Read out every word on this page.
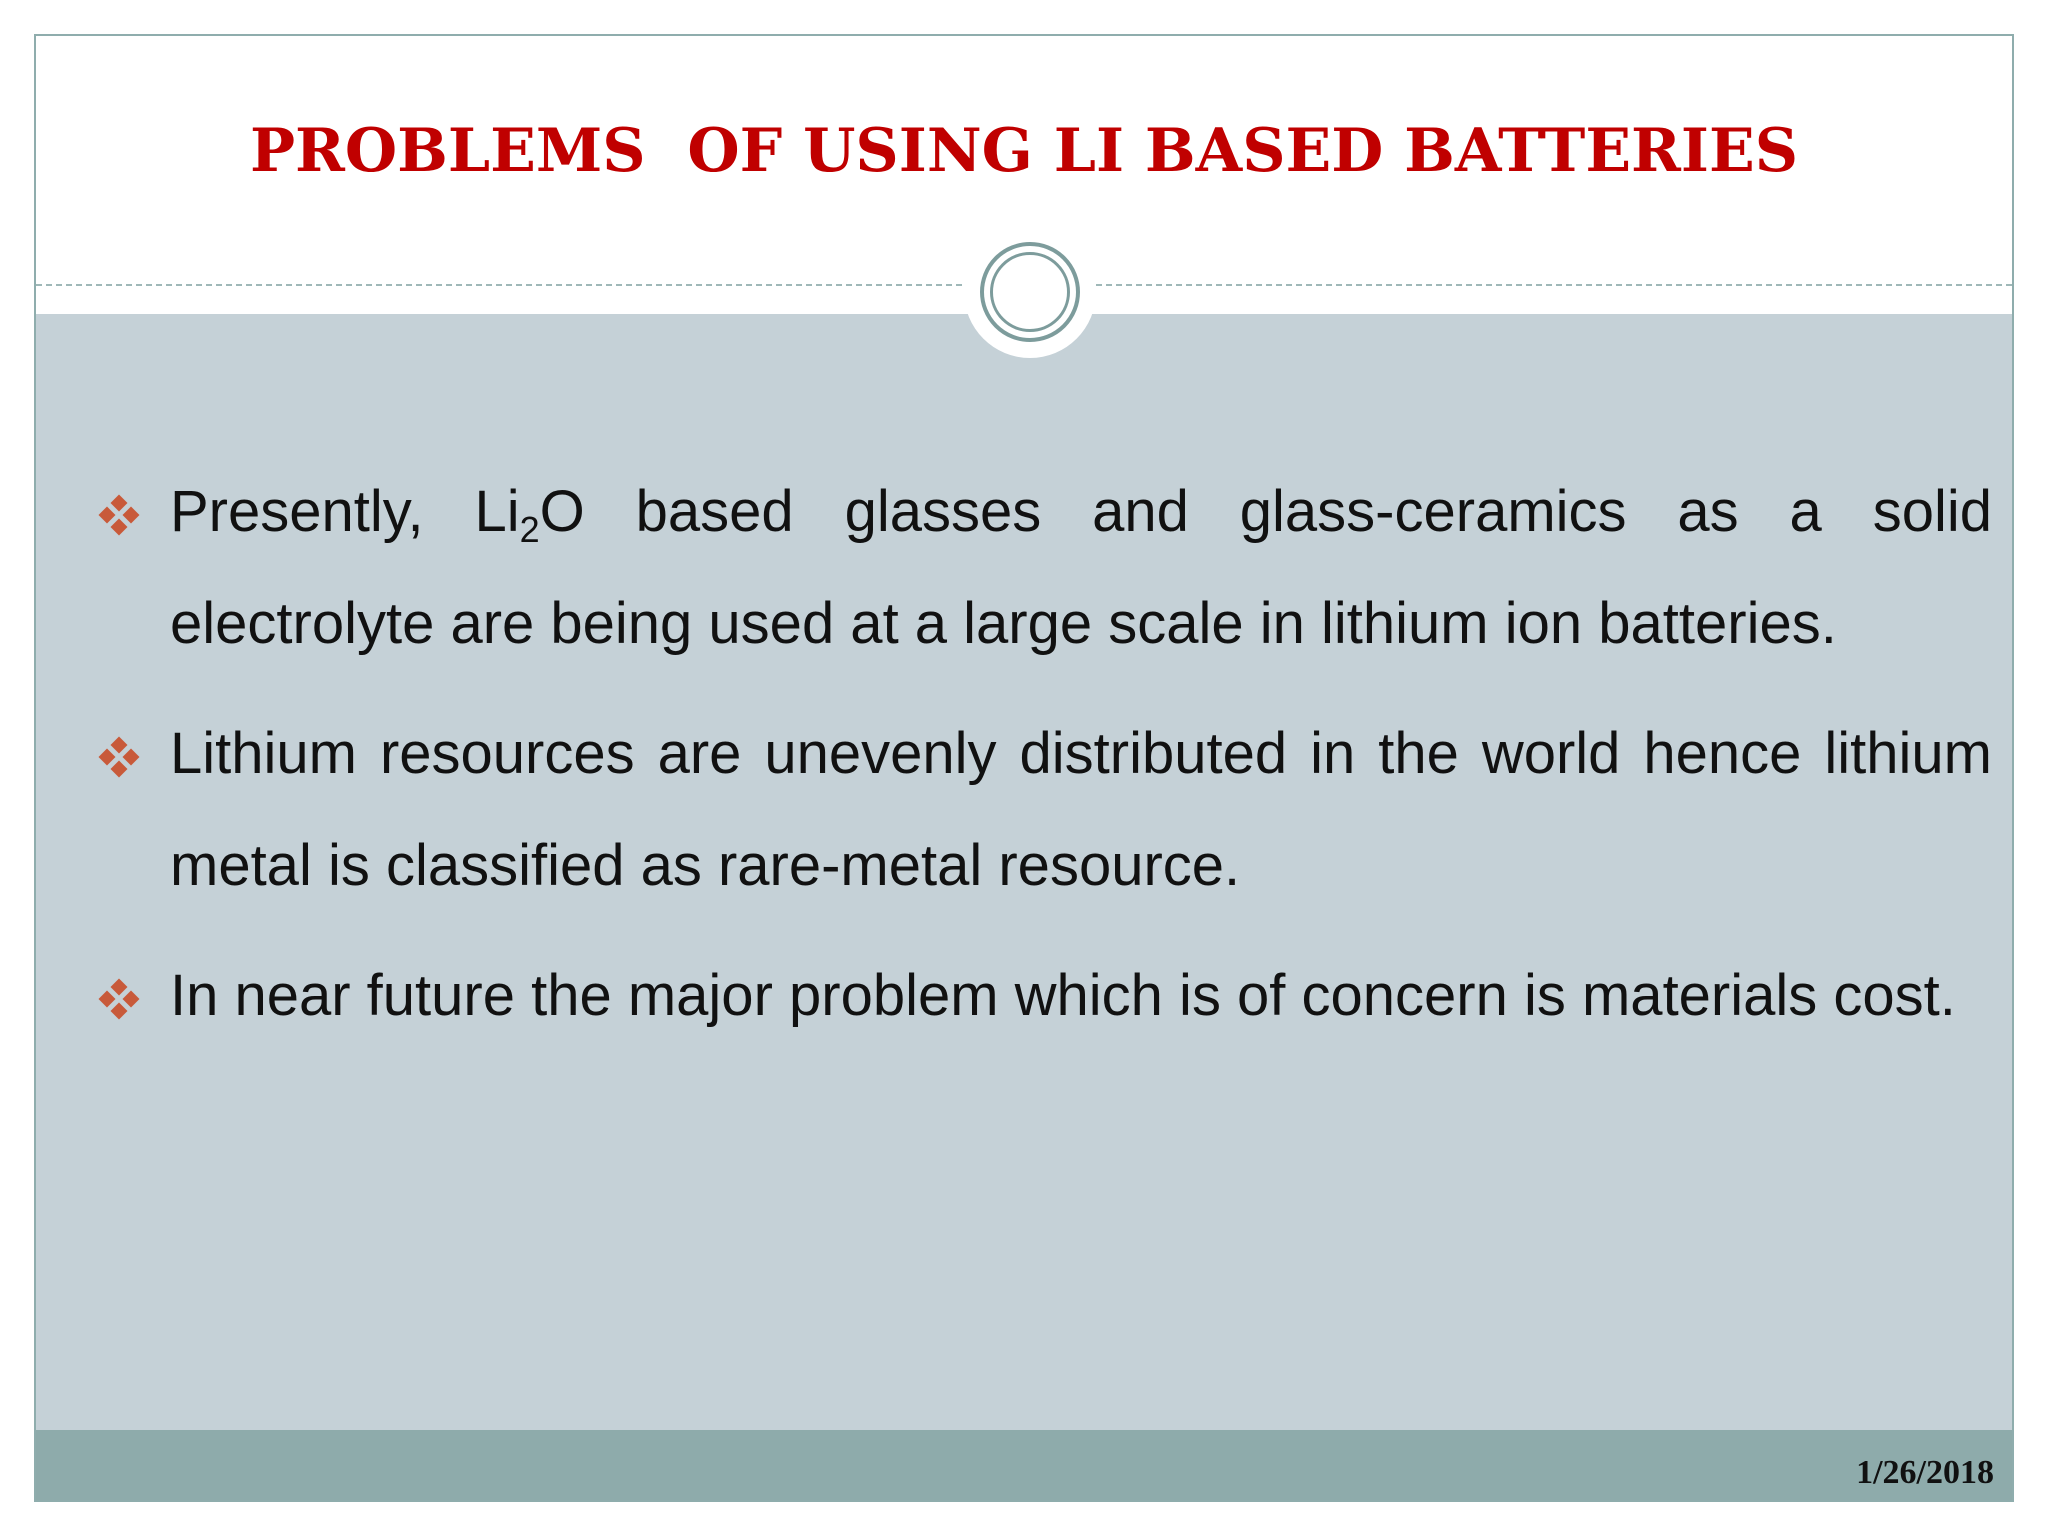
PROBLEMS  OF USING LI BASED BATTERIES
Presently, $Li_2O$ based glasses and glass-ceramics as a solid electrolyte are being used at a large scale in lithium ion batteries.
Lithium resources are unevenly distributed in the world hence lithium metal is classified as rare-metal resource.
In near future the major problem which is of concern is materials cost.
1/26/2018
